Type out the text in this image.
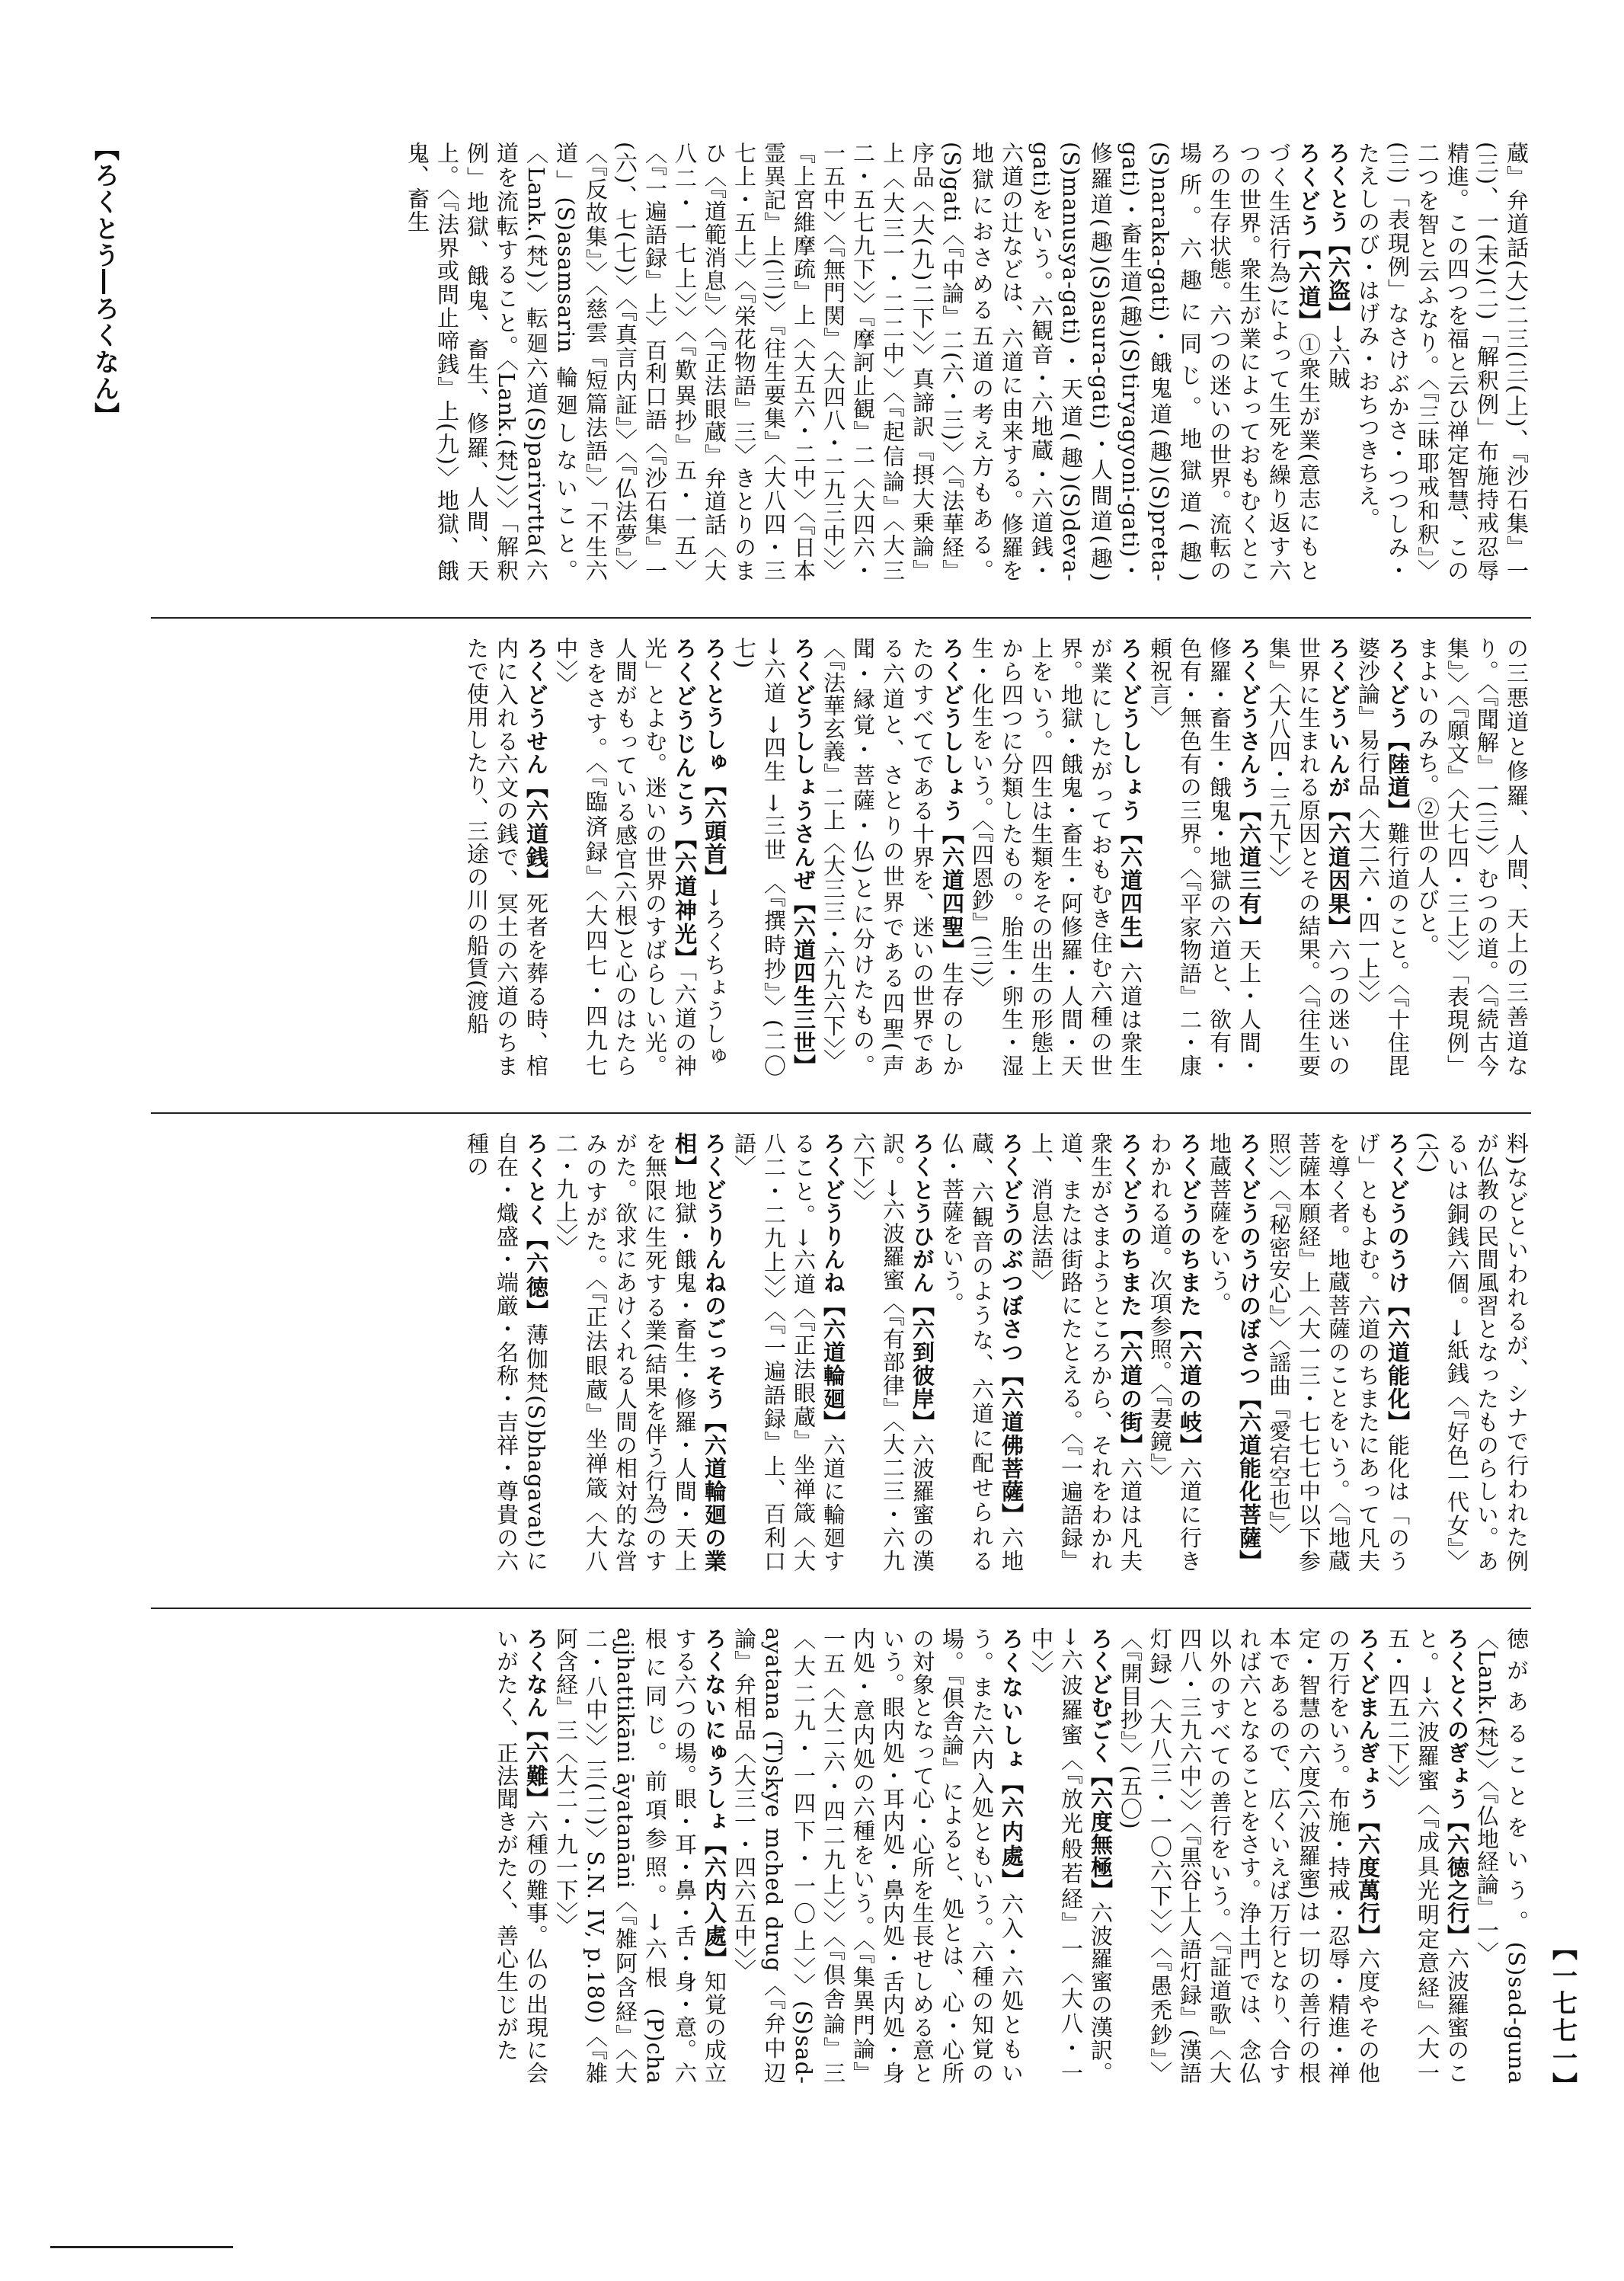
【ろくとう―ろくなん】
【一七七一】

蔵』弁道話(大)二三(三(上)、『沙石集』一(三)、一(末)(二)「解釈例」布施持戒忍辱精進。この四つを福と云ひ禅定智慧、この二つを智と云ふなり。〈『三昧耶戒和釈』〉(三)「表現例」なさけぶかさ・つつしみ・たえしのび・はげみ・おちつきちえ。

ろくとう【六盗】→六賊

ろくどう【六道】①衆生が業(意志にもとづく生活行為)によって生死を繰り返す六つの世界。衆生が業によっておもむくところの生存状態。六つの迷いの世界。流転の場所。六趣に同じ。地獄道(趣)(S)naraka-gati)・餓鬼道(趣)(S)preta-gati)・畜生道(趣)(S)tiryagyoni-gati)・修羅道(趣)(S)asura-gati)・人間道(趣)(S)manusya-gati)・天道(趣)(S)deva-gati)をいう。六観音・六地蔵・六道銭・六道の辻などは、六道に由来する。修羅を地獄におさめる五道の考え方もある。(S)gati〈『中論』二(六・三)〉〈『法華経』序品〈大(九)二下〉〉真諦訳『摂大乗論』上〈大三一・二二中〉〈『起信論』〈大三二・五七九下〉〉『摩訶止観』二〈大四六・一五中〉〈『無門関』〈大四八・二九三中〉〉『上宮維摩疏』上〈大五六・二中〉〈『日本霊異記』上(三)〉『往生要集』〈大八四・三七上・五上〉〈『栄花物語』三〉きとりのまひ〈『道範消息』〉〈『正法眼蔵』弁道話〈大八二・一七上〉〉〈『歎異抄』五・一五〉〈『一遍語録』上〉百利口語〈『沙石集』一(六)、七(七)〉〈『真言内証』〉〈『仏法夢』〉〈『反故集』〉〈慈雲『短篇法語』〉「不生六道」(S)asamsarin 輪廻しないこと。〈Lank.(梵)〉転廻六道(S)parivrtta(六道を流転すること。〈Lank.(梵)〉〉「解釈例」地獄、餓鬼、畜生、修羅、人間、天上。〈『法界或問止啼銭』上(九)〉地獄、餓鬼、畜生

の三悪道と修羅、人間、天上の三善道なり。〈『聞解』一(三)〉むつの道。〈『続古今集』〉〈『願文』〈大七四・三上〉〉「表現例」まよいのみち。②世の人びと。

ろくどう【陸道】難行道のこと。〈『十住毘婆沙論』易行品〈大二六・四一上〉〉

ろくどういんが【六道因果】六つの迷いの世界に生まれる原因とその結果。〈『往生要集』〈大八四・三九下〉〉

ろくどうさんう【六道三有】天上・人間・修羅・畜生・餓鬼・地獄の六道と、欲有・色有・無色有の三界。〈『平家物語』二・康頼祝言〉

ろくどうししょう【六道四生】六道は衆生が業にしたがっておもむき住む六種の世界。地獄・餓鬼・畜生・阿修羅・人間・天上をいう。四生は生類をその出生の形態上から四つに分類したもの。胎生・卵生・湿生・化生をいう。〈『四恩鈔』(三)〉

ろくどうししょう【六道四聖】生存のしかたのすべてである十界を、迷いの世界である六道と、さとりの世界である四聖(声聞・縁覚・菩薩・仏)とに分けたもの。〈『法華玄義』二上〈大三三・六九六下〉〉

ろくどうししょうさんぜ【六道四生三世】→六道 →四生 →三世 〈『撰時抄』〉(二〇七)

ろくとうしゅ【六頭首】→ろくちょうしゅ

ろくどうじんこう【六道神光】「六道の神光」とよむ。迷いの世界のすばらしい光。人間がもっている感官(六根)と心のはたらきをさす。〈『臨済録』〈大四七・四九七中〉〉

ろくどうせん【六道銭】死者を葬る時、棺内に入れる六文の銭で、冥土の六道のちまたで使用したり、三途の川の船賃(渡船

料)などといわれるが、シナで行われた例が仏教の民間風習となったものらしい。あるいは銅銭六個。→紙銭〈『好色一代女』〉(六)

ろくどうのうけ【六道能化】能化は「のうげ」ともよむ。六道のちまたにあって凡夫を導く者。地蔵菩薩のことをいう。〈『地蔵菩薩本願経』上〈大一三・七七七中以下参照〉〉〈『秘密安心』〉〈謡曲『愛宕空也』〉

ろくどうのうけのぼさつ【六道能化菩薩】地蔵菩薩をいう。

ろくどうのちまた【六道の岐】六道に行きわかれる道。次項参照。〈『妻鏡』〉

ろくどうのちまた【六道の街】六道は凡夫衆生がさまようところから、それをわかれ道、または街路にたとえる。〈『一遍語録』上、消息法語〉

ろくどうのぶつぼさつ【六道佛菩薩】六地蔵、六観音のような、六道に配せられる仏・菩薩をいう。

ろくとうひがん【六到彼岸】六波羅蜜の漢訳。→六波羅蜜〈『有部律』〈大二三・六九六下〉〉

ろくどうりんね【六道輪廻】六道に輪廻すること。→六道〈『正法眼蔵』坐禅箴〈大八二・二九上〉〉〈『一遍語録』上、百利口語〉

ろくどうりんねのごっそう【六道輪廻の業相】地獄・餓鬼・畜生・修羅・人間・天上を無限に生死する業(結果を伴う行為)のすがた。欲求にあけくれる人間の相対的な営みのすがた。〈『正法眼蔵』坐禅箴〈大八二・九上〉〉

ろくとく【六徳】薄伽梵(S)bhagavat)に自在・熾盛・端厳・名称・吉祥・尊貴の六種の

徳があることをいう。(S)sad-guna〈Lank.(梵)〉〈『仏地経論』一〉

ろくとくのぎょう【六徳之行】六波羅蜜のこと。→六波羅蜜〈『成具光明定意経』〈大一五・四五二下〉〉

ろくどまんぎょう【六度萬行】六度やその他の万行をいう。布施・持戒・忍辱・精進・禅定・智慧の六度(六波羅蜜)は一切の善行の根本であるので、広くいえば万行となり、合すれば六となることをさす。浄土門では、念仏以外のすべての善行をいう。〈『証道歌』〈大四八・三九六中〉〉〈『黒谷上人語灯録』(漢語灯録)〈大八三・一〇六下〉〉〈『愚禿鈔』〉〈『開目抄』〉(五〇)

ろくどむごく【六度無極】六波羅蜜の漢訳。→六波羅蜜〈『放光般若経』一〈大八・一中〉〉

ろくないしょ【六内處】六入・六処ともいう。また六内入処ともいう。六種の知覚の場。『倶舎論』によると、処とは、心・心所の対象となって心・心所を生長せしめる意という。眼内処・耳内処・鼻内処・舌内処・身内処・意内処の六種をいう。〈『集異門論』一五〈大二六・四二九上〉〉〈『倶舎論』三〈大二九・一四下・一〇上〉〉(S)sad-ayatana (T)skye mched drug〈『弁中辺論』弁相品〈大三一・四六五中〉〉

ろくないにゅうしょ【六内入處】知覚の成立する六つの場。眼・耳・鼻・舌・身・意。六根に同じ。前項参照。→六根 (P)cha ajjhattikāni āyatanāni〈『雑阿含経』〈大二・八中〉〉三(二)〉S.N. IV, p.180)〈『雑阿含経』三〈大二・九一下〉〉

ろくなん【六難】六種の難事。仏の出現に会いがたく、正法聞きがたく、善心生じがた
